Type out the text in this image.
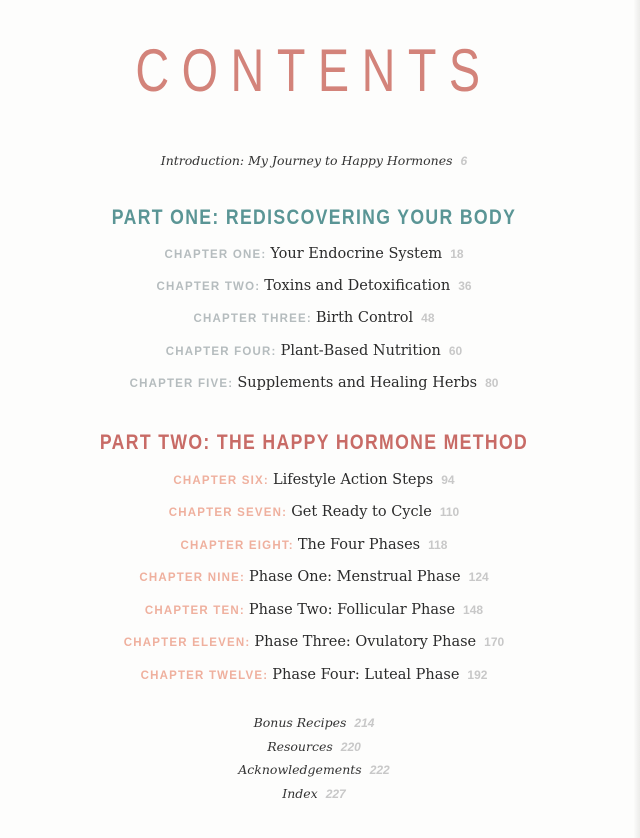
CONTENTS
Introduction: My Journey to Happy Hormones 6
PART ONE: REDISCOVERING YOUR BODY
CHAPTER ONE: Your Endocrine System 18
CHAPTER TWO: Toxins and Detoxification 36
CHAPTER THREE: Birth Control 48
CHAPTER FOUR: Plant-Based Nutrition 60
CHAPTER FIVE: Supplements and Healing Herbs 80
PART TWO: THE HAPPY HORMONE METHOD
CHAPTER SIX: Lifestyle Action Steps 94
CHAPTER SEVEN: Get Ready to Cycle 110
CHAPTER EIGHT: The Four Phases 118
CHAPTER NINE: Phase One: Menstrual Phase 124
CHAPTER TEN: Phase Two: Follicular Phase 148
CHAPTER ELEVEN: Phase Three: Ovulatory Phase 170
CHAPTER TWELVE: Phase Four: Luteal Phase 192
Bonus Recipes 214
Resources 220
Acknowledgements 222
Index 227
